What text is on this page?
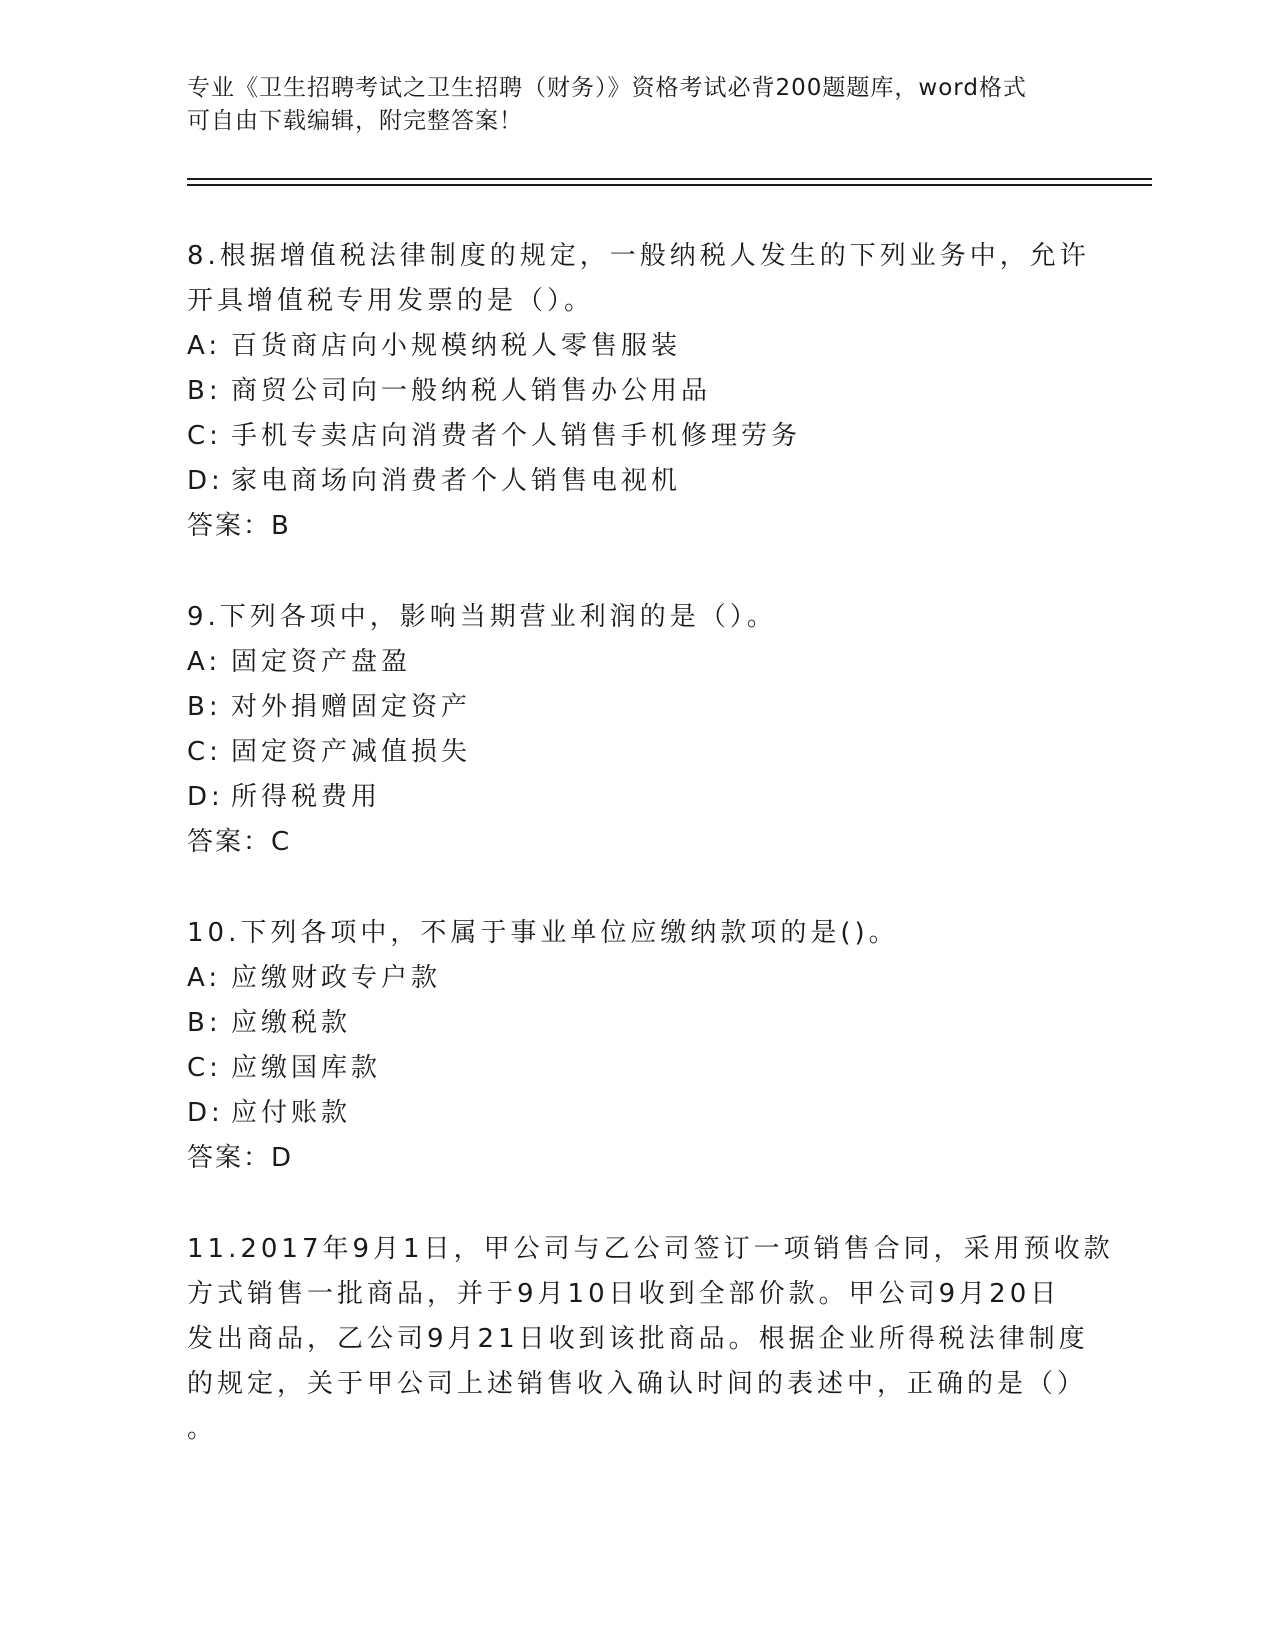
专业《卫生招聘考试之卫生招聘（财务）》资格考试必背200题题库，word格式
可自由下载编辑，附完整答案！
8.根据增值税法律制度的规定，一般纳税人发生的下列业务中，允许
开具增值税专用发票的是（）。
A: 百货商店向小规模纳税人零售服装
B: 商贸公司向一般纳税人销售办公用品
C: 手机专卖店向消费者个人销售手机修理劳务
D: 家电商场向消费者个人销售电视机
答案：B
9.下列各项中，影响当期营业利润的是（）。
A: 固定资产盘盈
B: 对外捐赠固定资产
C: 固定资产减值损失
D: 所得税费用
答案：C
10.下列各项中，不属于事业单位应缴纳款项的是()。
A: 应缴财政专户款
B: 应缴税款
C: 应缴国库款
D: 应付账款
答案：D
11.2017年9月1日，甲公司与乙公司签订一项销售合同，采用预收款
方式销售一批商品，并于9月10日收到全部价款。甲公司9月20日
发出商品，乙公司9月21日收到该批商品。根据企业所得税法律制度
的规定，关于甲公司上述销售收入确认时间的表述中，正确的是（）
。
